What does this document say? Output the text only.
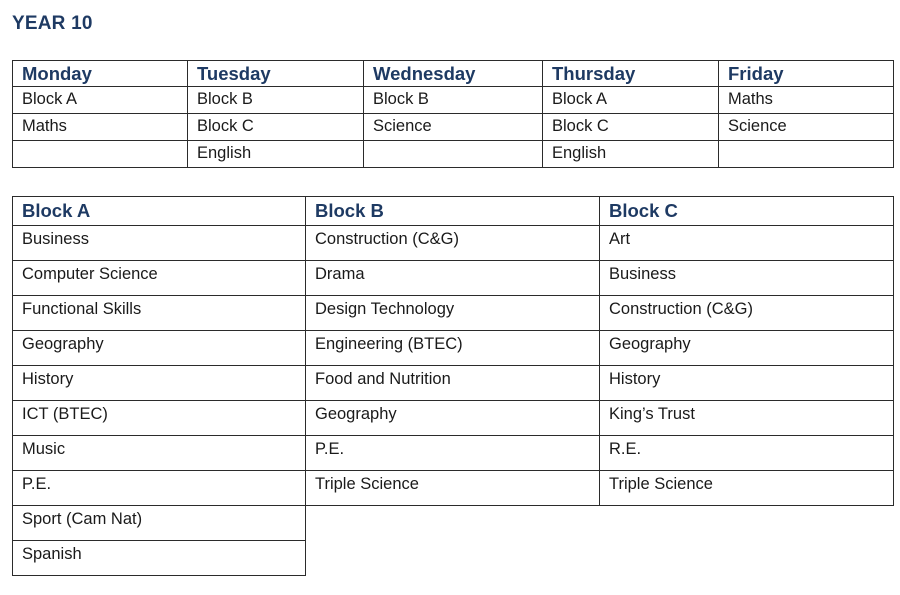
YEAR 10
Monday	Tuesday	Wednesday	Thursday	Friday
Block A	Block B	Block B	Block A	Maths
Maths	Block C	Science	Block C	Science
	English		English	
Block A	Block B	Block C
Business	Construction (C&G)	Art
Computer Science	Drama	Business
Functional Skills	Design Technology	Construction (C&G)
Geography	Engineering (BTEC)	Geography
History	Food and Nutrition	History
ICT (BTEC)	Geography	King’s Trust
Music	P.E.	R.E.
P.E.	Triple Science	Triple Science
Sport (Cam Nat)		
Spanish		
